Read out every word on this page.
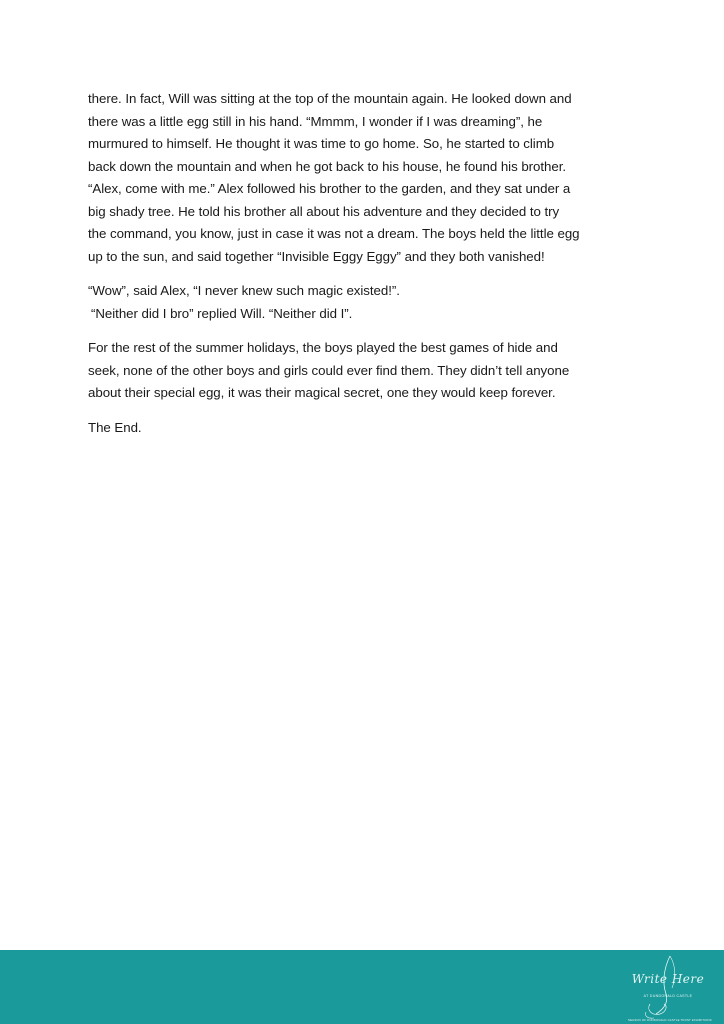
there. In fact, Will was sitting at the top of the mountain again. He looked down and
there was a little egg still in his hand. “Mmmm, I wonder if I was dreaming”, he
murmured to himself. He thought it was time to go home. So, he started to climb
back down the mountain and when he got back to his house, he found his brother.
“Alex, come with me.” Alex followed his brother to the garden, and they sat under a
big shady tree. He told his brother all about his adventure and they decided to try
the command, you know, just in case it was not a dream. The boys held the little egg
up to the sun, and said together “Invisible Eggy Eggy” and they both vanished!

“Wow”, said Alex, “I never knew such magic existed!”.
“Neither did I bro” replied Will. “Neither did I”.

For the rest of the summer holidays, the boys played the best games of hide and
seek, none of the other boys and girls could ever find them. They didn’t tell anyone
about their special egg, it was their magical secret, one they would keep forever.

The End.

Write Here
AT DUNDONALD CASTLE
SEASON OF DUNDONALD CASTLE TRUST EXHIBITIONS
